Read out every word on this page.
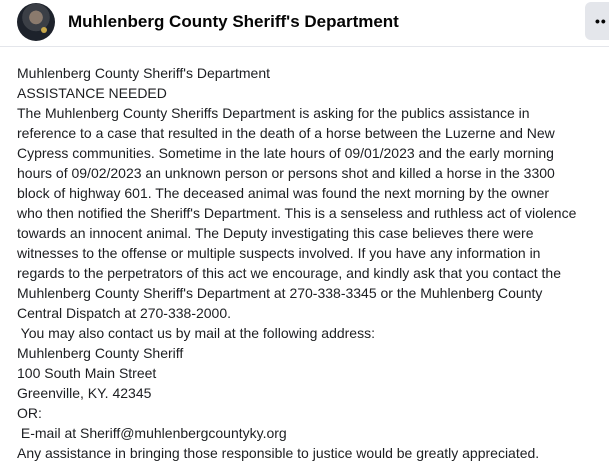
Muhlenberg County Sheriff's Department	••
Muhlenberg County Sheriff's Department
ASSISTANCE NEEDED
The Muhlenberg County Sheriffs Department is asking for the publics assistance in
reference to a case that resulted in the death of a horse between the Luzerne and New
Cypress communities. Sometime in the late hours of 09/01/2023 and the early morning
hours of 09/02/2023 an unknown person or persons shot and killed a horse in the 3300
block of highway 601. The deceased animal was found the next morning by the owner
who then notified the Sheriff's Department. This is a senseless and ruthless act of violence
towards an innocent animal. The Deputy investigating this case believes there were
witnesses to the offense or multiple suspects involved. If you have any information in
regards to the perpetrators of this act we encourage, and kindly ask that you contact the
Muhlenberg County Sheriff's Department at 270-338-3345 or the Muhlenberg County
Central Dispatch at 270-338-2000.
You may also contact us by mail at the following address:
Muhlenberg County Sheriff
100 South Main Street
Greenville, KY. 42345
OR:
E-mail at Sheriff@muhlenbergcountyky.org
Any assistance in bringing those responsible to justice would be greatly appreciated.
